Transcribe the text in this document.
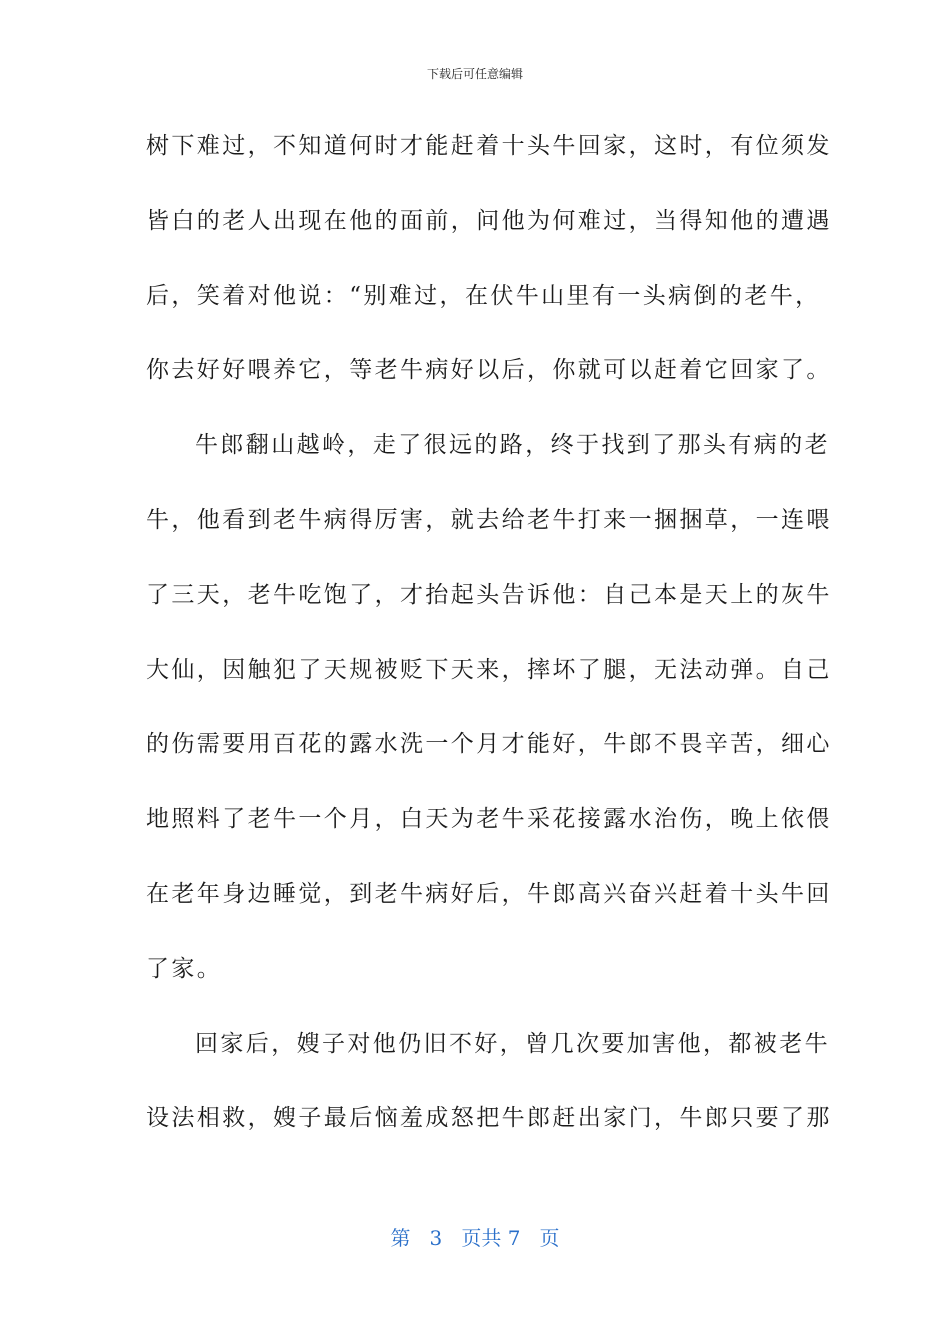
下载后可任意编辑
树下难过，不知道何时才能赶着十头牛回家，这时，有位须发
皆白的老人出现在他的面前，问他为何难过，当得知他的遭遇
后，笑着对他说：“别难过，在伏牛山里有一头病倒的老牛，
你去好好喂养它，等老牛病好以后，你就可以赶着它回家了。
牛郎翻山越岭，走了很远的路，终于找到了那头有病的老
牛，他看到老牛病得厉害，就去给老牛打来一捆捆草，一连喂
了三天，老牛吃饱了，才抬起头告诉他：自己本是天上的灰牛
大仙，因触犯了天规被贬下天来，摔坏了腿，无法动弹。自己
的伤需要用百花的露水洗一个月才能好，牛郎不畏辛苦，细心
地照料了老牛一个月，白天为老牛采花接露水治伤，晚上依偎
在老年身边睡觉，到老牛病好后，牛郎高兴奋兴赶着十头牛回
了家。
回家后，嫂子对他仍旧不好，曾几次要加害他，都被老牛
设法相救，嫂子最后恼羞成怒把牛郎赶出家门，牛郎只要了那
第 3 页共 7 页
